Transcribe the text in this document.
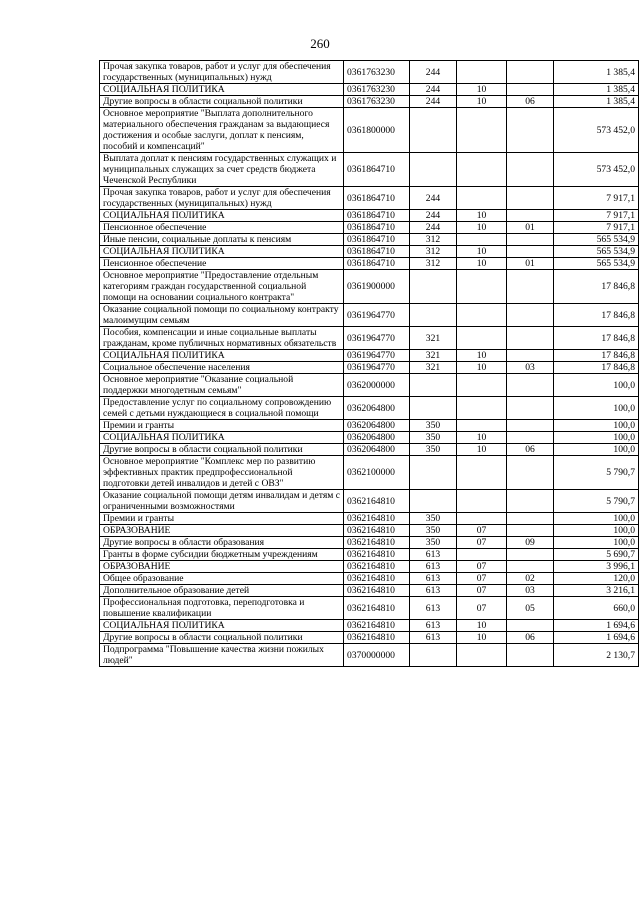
260
Прочая закупка товаров, работ и услуг для обеспечения государственных (муниципальных) нужд	0361763230	244			1 385,4
СОЦИАЛЬНАЯ ПОЛИТИКА	0361763230	244	10		1 385,4
Другие вопросы в области социальной политики	0361763230	244	10	06	1 385,4
Основное мероприятие "Выплата дополнительного материального обеспечения гражданам за выдающиеся достижения и особые заслуги, доплат к пенсиям, пособий и компенсаций"	0361800000				573 452,0
Выплата доплат к пенсиям государственных служащих и муниципальных служащих за счет средств бюджета Чеченской Республики	0361864710				573 452,0
Прочая закупка товаров, работ и услуг для обеспечения государственных (муниципальных) нужд	0361864710	244			7 917,1
СОЦИАЛЬНАЯ ПОЛИТИКА	0361864710	244	10		7 917,1
Пенсионное обеспечение	0361864710	244	10	01	7 917,1
Иные пенсии, социальные доплаты к пенсиям	0361864710	312			565 534,9
СОЦИАЛЬНАЯ ПОЛИТИКА	0361864710	312	10		565 534,9
Пенсионное обеспечение	0361864710	312	10	01	565 534,9
Основное мероприятие "Предоставление отдельным категориям граждан государственной социальной помощи на основании социального контракта"	0361900000				17 846,8
Оказание социальной помощи по социальному контракту малоимущим семьям	0361964770				17 846,8
Пособия, компенсации и иные социальные выплаты гражданам, кроме публичных нормативных обязательств	0361964770	321			17 846,8
СОЦИАЛЬНАЯ ПОЛИТИКА	0361964770	321	10		17 846,8
Социальное обеспечение населения	0361964770	321	10	03	17 846,8
Основное мероприятие "Оказание социальной поддержки многодетным семьям"	0362000000				100,0
Предоставление услуг по социальному сопровождению семей с детьми нуждающиеся в социальной помощи	0362064800				100,0
Премии и гранты	0362064800	350			100,0
СОЦИАЛЬНАЯ ПОЛИТИКА	0362064800	350	10		100,0
Другие вопросы в области социальной политики	0362064800	350	10	06	100,0
Основное мероприятие "Комплекс мер по развитию эффективных практик предпрофессиональной подготовки детей инвалидов и детей с ОВЗ"	0362100000				5 790,7
Оказание социальной помощи детям инвалидам и детям с ограниченными возможностями	0362164810				5 790,7
Премии и гранты	0362164810	350			100,0
ОБРАЗОВАНИЕ	0362164810	350	07		100,0
Другие вопросы в области образования	0362164810	350	07	09	100,0
Гранты в форме субсидии бюджетным учреждениям	0362164810	613			5 690,7
ОБРАЗОВАНИЕ	0362164810	613	07		3 996,1
Общее образование	0362164810	613	07	02	120,0
Дополнительное образование детей	0362164810	613	07	03	3 216,1
Профессиональная подготовка, переподготовка и повышение квалификации	0362164810	613	07	05	660,0
СОЦИАЛЬНАЯ ПОЛИТИКА	0362164810	613	10		1 694,6
Другие вопросы в области социальной политики	0362164810	613	10	06	1 694,6
Подпрограмма "Повышение качества жизни пожилых людей"	0370000000				2 130,7
